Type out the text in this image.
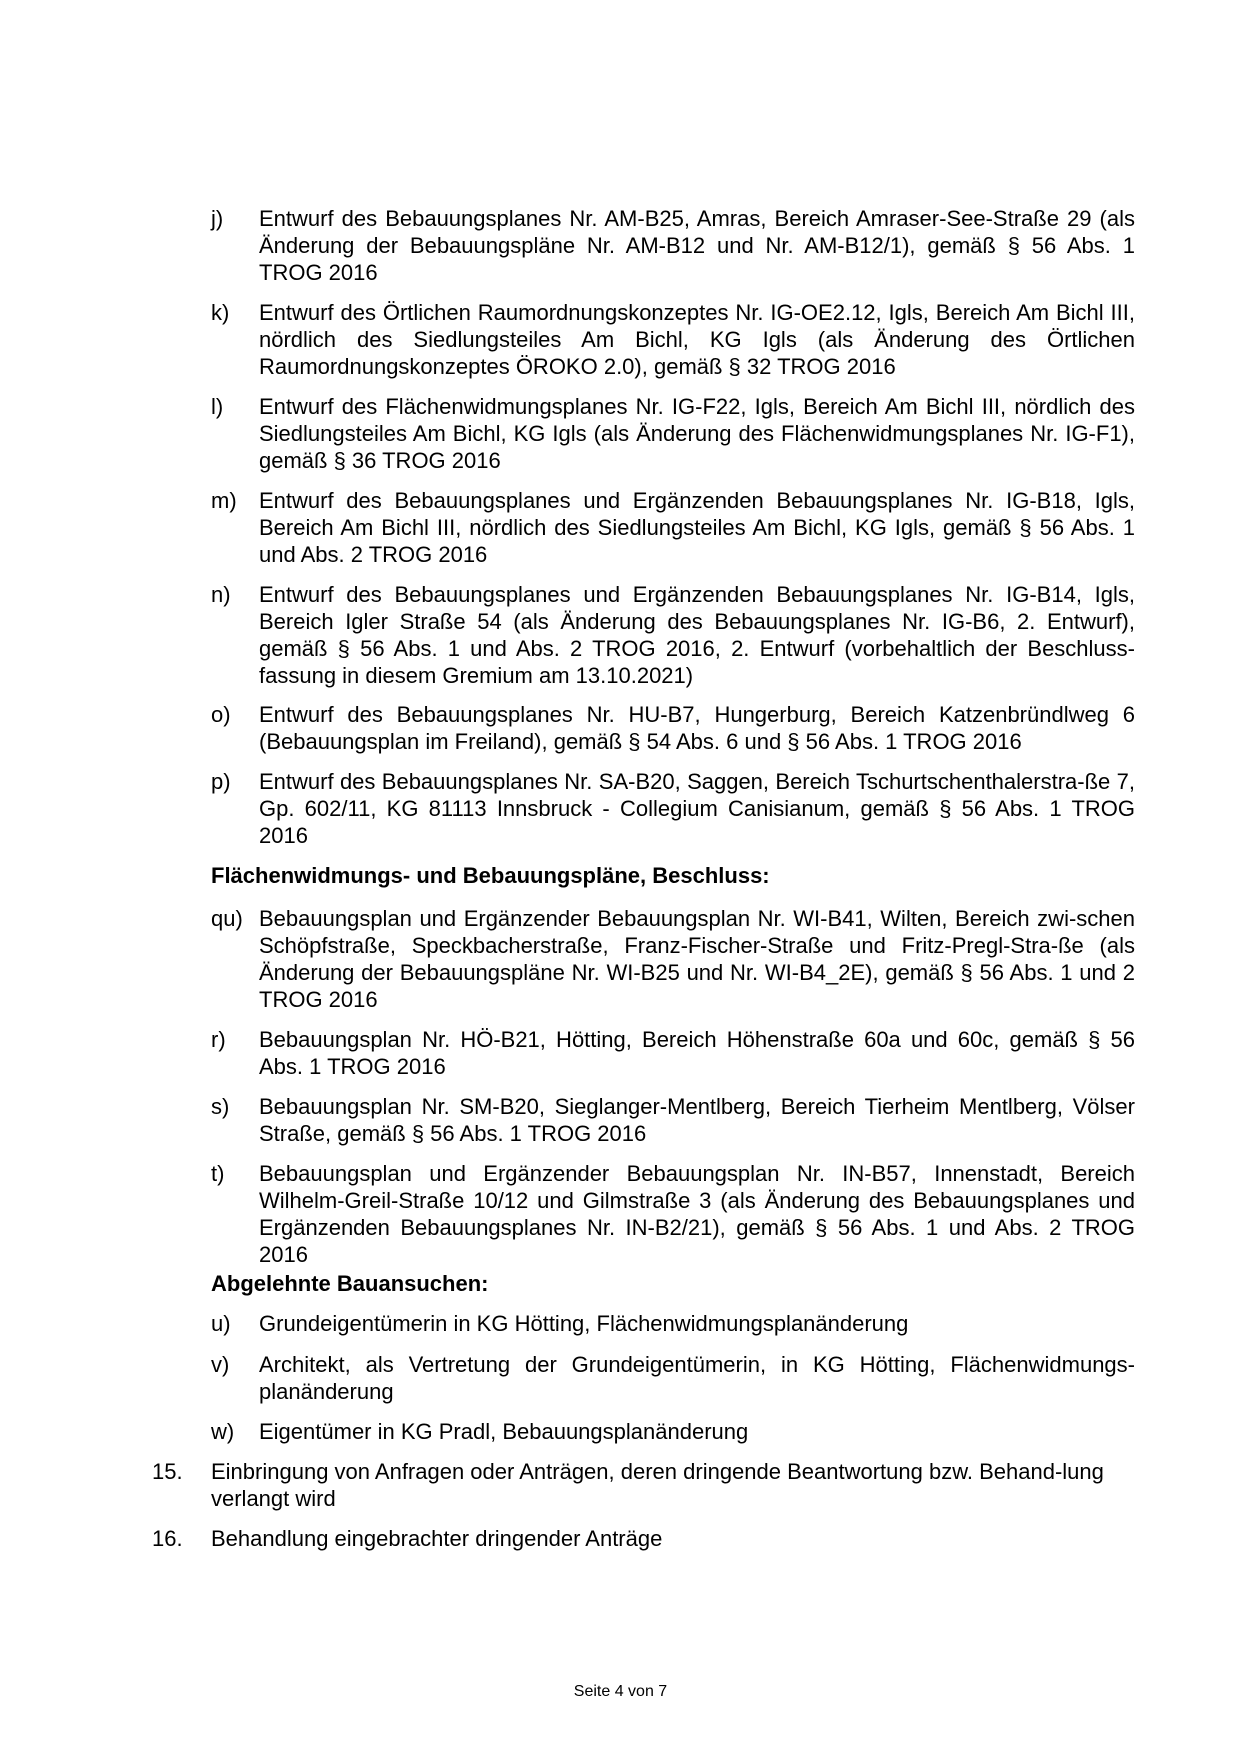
j)	Entwurf des Bebauungsplanes Nr. AM-B25, Amras, Bereich Amraser-See-Straße 29 (als Änderung der Bebauungspläne Nr. AM-B12 und Nr. AM-B12/1), gemäß § 56 Abs. 1 TROG 2016
k)	Entwurf des Örtlichen Raumordnungskonzeptes Nr. IG-OE2.12, Igls, Bereich Am Bichl III, nördlich des Siedlungsteiles Am Bichl, KG Igls (als Änderung des Örtlichen Raumordnungskonzeptes ÖROKO 2.0), gemäß § 32 TROG 2016
l)	Entwurf des Flächenwidmungsplanes Nr. IG-F22, Igls, Bereich Am Bichl III, nördlich des Siedlungsteiles Am Bichl, KG Igls (als Änderung des Flächenwidmungsplanes Nr. IG-F1), gemäß § 36 TROG 2016
m)	Entwurf des Bebauungsplanes und Ergänzenden Bebauungsplanes Nr. IG-B18, Igls, Bereich Am Bichl III, nördlich des Siedlungsteiles Am Bichl, KG Igls, gemäß § 56 Abs. 1 und Abs. 2 TROG 2016
n)	Entwurf des Bebauungsplanes und Ergänzenden Bebauungsplanes Nr. IG-B14, Igls, Bereich Igler Straße 54 (als Änderung des Bebauungsplanes Nr. IG-B6, 2. Entwurf), gemäß § 56 Abs. 1 und Abs. 2 TROG 2016, 2. Entwurf (vorbehaltlich der Beschluss-fassung in diesem Gremium am 13.10.2021)
o)	Entwurf des Bebauungsplanes Nr. HU-B7, Hungerburg, Bereich Katzenbründlweg 6 (Bebauungsplan im Freiland), gemäß § 54 Abs. 6 und § 56 Abs. 1 TROG 2016
p)	Entwurf des Bebauungsplanes Nr. SA-B20, Saggen, Bereich Tschurtschenthalerstra-ße 7, Gp. 602/11, KG 81113 Innsbruck - Collegium Canisianum, gemäß § 56 Abs. 1 TROG 2016
Flächenwidmungs- und Bebauungspläne, Beschluss:
qu) Bebauungsplan und Ergänzender Bebauungsplan Nr. WI-B41, Wilten, Bereich zwi-schen Schöpfstraße, Speckbacherstraße, Franz-Fischer-Straße und Fritz-Pregl-Stra-ße (als Änderung der Bebauungspläne Nr. WI-B25 und Nr. WI-B4_2E), gemäß § 56 Abs. 1 und 2 TROG 2016
r)	Bebauungsplan Nr. HÖ-B21, Hötting, Bereich Höhenstraße 60a und 60c, gemäß § 56 Abs. 1 TROG 2016
s)	Bebauungsplan Nr. SM-B20, Sieglanger-Mentlberg, Bereich Tierheim Mentlberg, Völser Straße, gemäß § 56 Abs. 1 TROG 2016
t)	Bebauungsplan und Ergänzender Bebauungsplan Nr. IN-B57, Innenstadt, Bereich Wilhelm-Greil-Straße 10/12 und Gilmstraße 3 (als Änderung des Bebauungsplanes und Ergänzenden Bebauungsplanes Nr. IN-B2/21), gemäß § 56 Abs. 1 und Abs. 2 TROG 2016
Abgelehnte Bauansuchen:
u)	Grundeigentümerin in KG Hötting, Flächenwidmungsplanänderung
v)	Architekt, als Vertretung der Grundeigentümerin, in KG Hötting, Flächenwidmungs-planänderung
w)	Eigentümer in KG Pradl, Bebauungsplanänderung
15.	Einbringung von Anfragen oder Anträgen, deren dringende Beantwortung bzw. Behand-lung verlangt wird
16.	Behandlung eingebrachter dringender Anträge
Seite 4 von 7
